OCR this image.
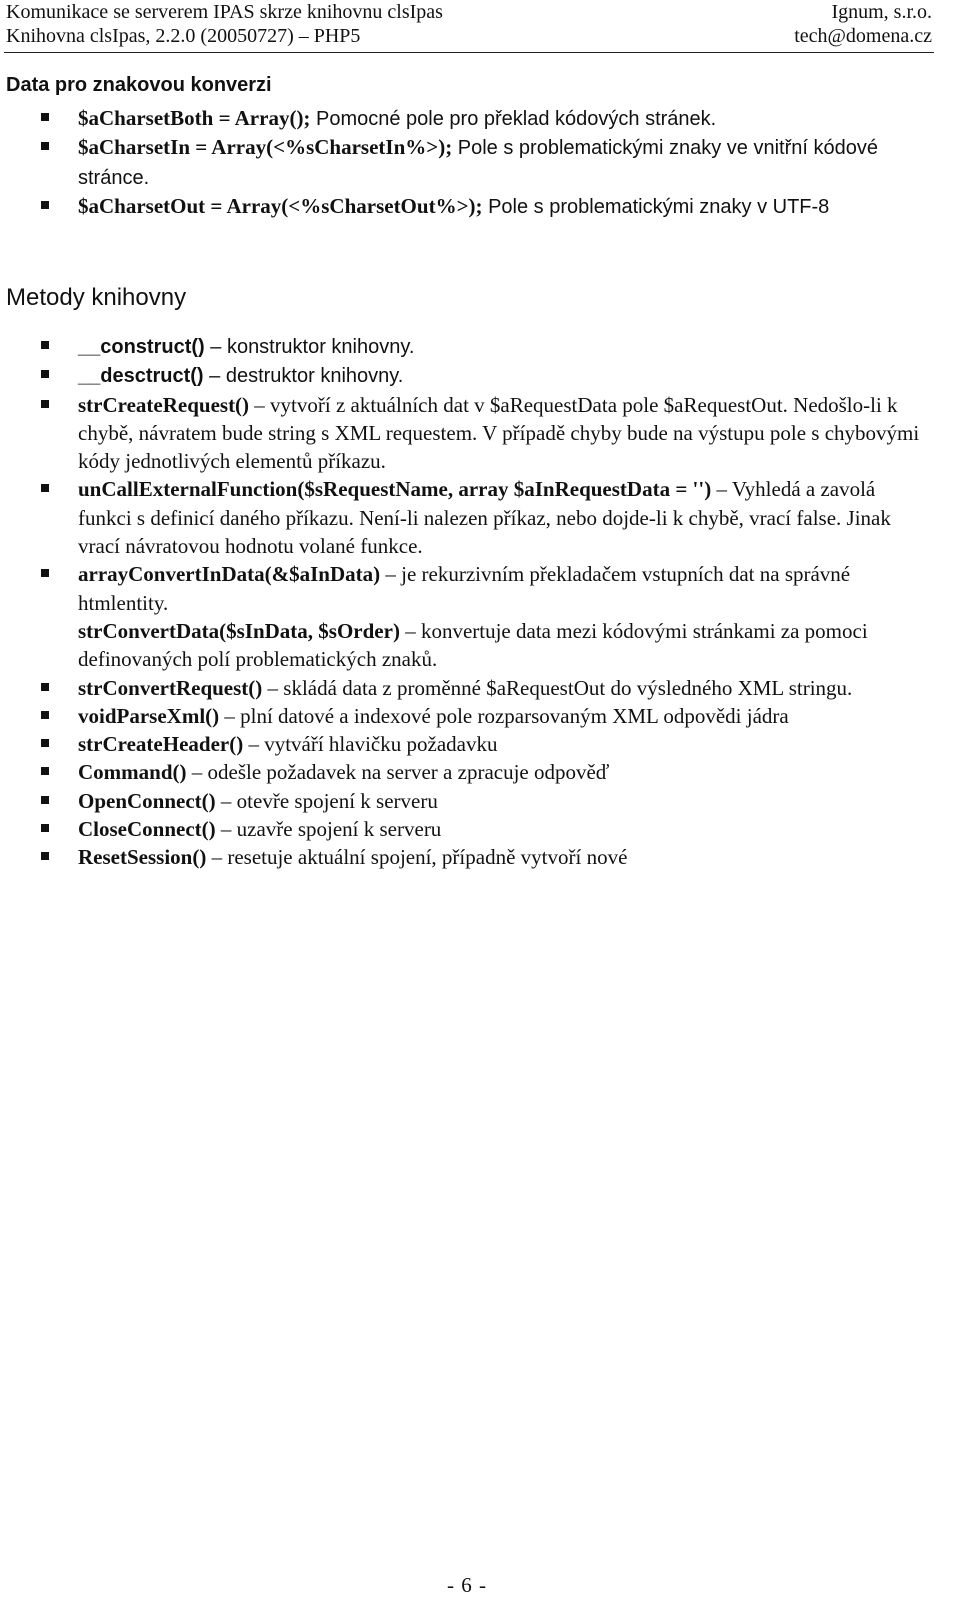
Komunikace se serverem IPAS skrze knihovnu clsIpas	Ignum, s.r.o.
Knihovna clsIpas, 2.2.0 (20050727) – PHP5	tech@domena.cz
Data pro znakovou konverzi
$aCharsetBoth = Array(); Pomocné pole pro překlad kódových stránek.
$aCharsetIn = Array(<%sCharsetIn%>); Pole s problematickými znaky ve vnitřní kódové stránce.
$aCharsetOut = Array(<%sCharsetOut%>); Pole s problematickými znaky v UTF-8
Metody knihovny
__construct() – konstruktor knihovny.
__desctruct() – destruktor knihovny.
strCreateRequest() – vytvoří z aktuálních dat v $aRequestData pole $aRequestOut. Nedošlo-li k chybě, návratem bude string s XML requestem. V případě chyby bude na výstupu pole s chybovými kódy jednotlivých elementů příkazu.
unCallExternalFunction($sRequestName, array $aInRequestData = '') – Vyhledá a zavolá funkci s definicí daného příkazu. Není-li nalezen příkaz, nebo dojde-li k chybě, vrací false. Jinak vrací návratovou hodnotu volané funkce.
arrayConvertInData(&$aInData) – je rekurzivním překladačem vstupních dat na správné htmlentity.
strConvertData($sInData, $sOrder) – konvertuje data mezi kódovými stránkami za pomoci definovaných polí problematických znaků.
strConvertRequest() – skládá data z proměnné $aRequestOut do výsledného XML stringu.
voidParseXml() – plní datové a indexové pole rozparsovaným XML odpovědi jádra
strCreateHeader() – vytváří hlavičku požadavku
Command() – odešle požadavek na server a zpracuje odpověď
OpenConnect() – otevře spojení k serveru
CloseConnect() – uzavře spojení k serveru
ResetSession() – resetuje aktuální spojení, případně vytvoří nové
- 6 -
